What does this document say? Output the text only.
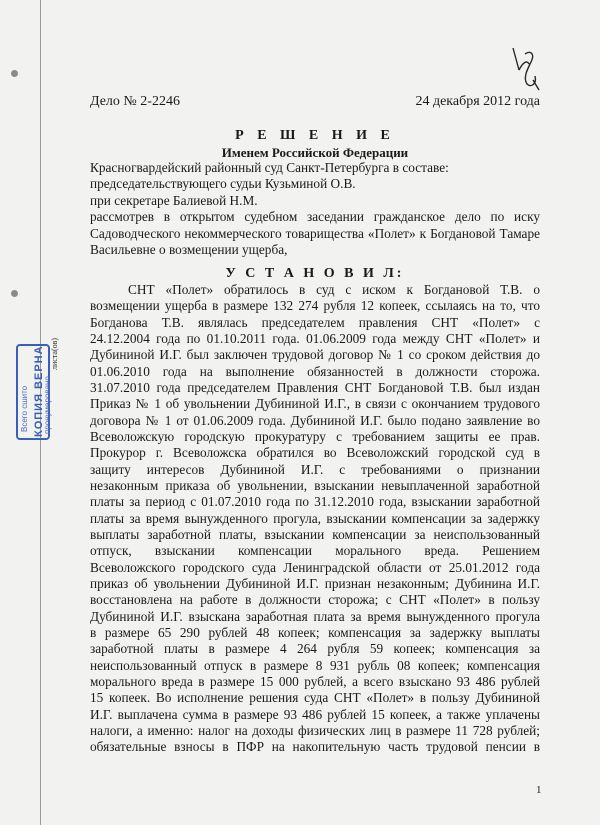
Дело № 2-2246	24 декабря 2012 года
Р Е Ш Е Н И Е
Именем Российской Федерации
Красногвардейский районный суд Санкт-Петербурга в составе:
председательствующего судьи Кузьминой О.В.
при секретаре Балиевой Н.М.
рассмотрев в открытом судебном заседании гражданское дело по иску
Садоводческого некоммерческого товарищества «Полет» к Богдановой Тамаре
Васильевне о возмещении ущерба,
У С Т А Н О В И Л:
СНТ «Полет» обратилось в суд с иском к Богдановой Т.В. о
возмещении ущерба в размере 132 274 рубля 12 копеек, ссылаясь на то, что
Богданова Т.В. являлась председателем правления СНТ «Полет» с
24.12.2004 года по 01.10.2011 года. 01.06.2009 года между СНТ «Полет» и
Дубининой И.Г. был заключен трудовой договор № 1 со сроком действия до
01.06.2010 года на выполнение обязанностей в должности сторожа.
31.07.2010 года председателем Правления СНТ Богдановой Т.В. был издан
Приказ № 1 об увольнении Дубининой И.Г., в связи с окончанием трудового
договора № 1 от 01.06.2009 года. Дубининой И.Г. было подано заявление во
Всеволожскую городскую прокуратуру с требованием защиты ее прав.
Прокурор г. Всеволожска обратился во Всеволожский городской суд в
защиту интересов Дубининой И.Г. с требованиями о признании
незаконным приказа об увольнении, взыскании невыплаченной заработной
платы за период с 01.07.2010 года по 31.12.2010 года, взыскании заработной
платы за время вынужденного прогула, взыскании компенсации за задержку
выплаты заработной платы, взыскании компенсации за неиспользованный
отпуск, взыскании компенсации морального вреда. Решением
Всеволожского городского суда Ленинградской области от 25.01.2012 года
приказ об увольнении Дубининой И.Г. признан незаконным; Дубинина И.Г.
восстановлена на работе в должности сторожа; с СНТ «Полет» в пользу
Дубининой И.Г. взыскана заработная плата за время вынужденного прогула
в размере 65 290 рублей 48 копеек; компенсация за задержку выплаты
заработной платы в размере 4 264 рубля 59 копеек; компенсация за
неиспользованный отпуск в размере 8 931 рубль 08 копеек; компенсация
морального вреда в размере 15 000 рублей, а всего взыскано 93 486 рублей
15 копеек. Во исполнение решения суда СНТ «Полет» в пользу Дубининой
И.Г. выплачена сумма в размере 93 486 рублей 15 копеек, а также уплачены
налоги, а именно: налог на доходы физических лиц в размере 11 728 рублей;
обязательные взносы в ПФР на накопительную часть трудовой пенсии в
1
Всего сшито КОПИЯ ВЕРНА
пронумеровано
листа(ов)
